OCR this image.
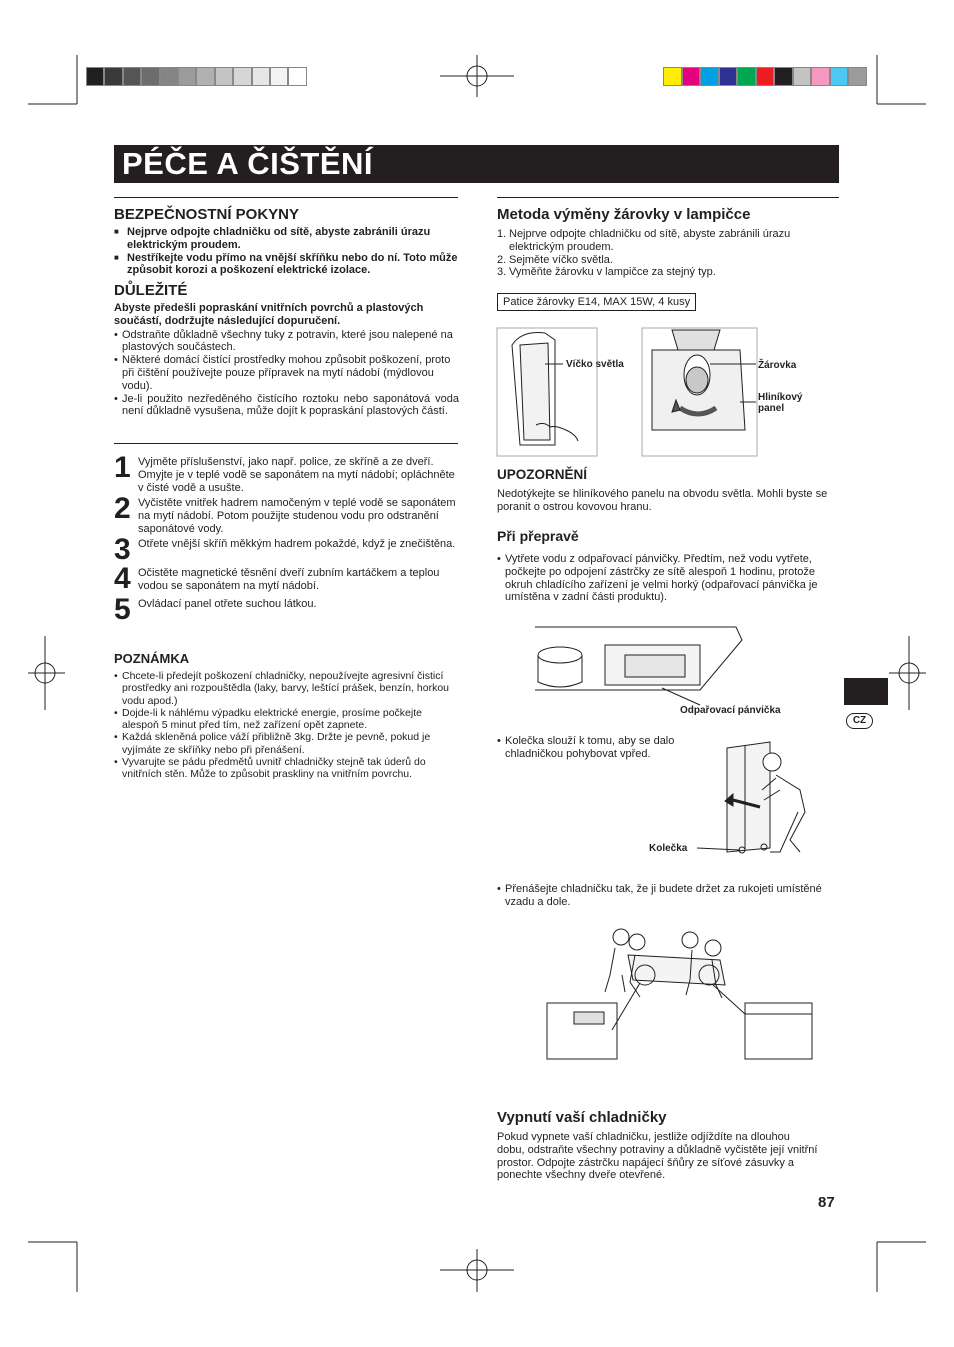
PÉČE A ČIŠTĚNÍ

BEZPEČNOSTNÍ POKYNY

■ Nejprve odpojte chladničku od sítě, abyste zabránili úrazu elektrickým proudem.
■ Nestříkejte vodu přímo na vnější skříňku nebo do ní. Toto může způsobit korozi a poškození elektrické izolace.

DŮLEŽITÉ

Abyste předešli popraskání vnitřních povrchů a plastových součástí, dodržujte následující dopuručení.

• Odstraňte důkladně všechny tuky z potravin, které jsou nalepené na plastových součástech.
• Některé domácí čistící prostředky mohou způsobit poškození, proto při čištění používejte pouze přípravek na mytí nádobí (mýdlovou vodu).
• Je-li použito nezředěného čistícího roztoku nebo saponátová voda není důkladně vysušena, může dojít k popraskání plastových částí.
1 Vyjměte příslušenství, jako např. police, ze skříně a ze dveří. Omyjte je v teplé vodě se saponátem na mytí nádobí; opláchněte v čisté vodě a usušte.
2 Vyčistěte vnitřek hadrem namočeným v teplé vodě se saponátem na mytí nádobí. Potom použijte studenou vodu pro odstranění saponátové vody.
3 Otřete vnější skříň měkkým hadrem pokaždé, když je znečištěna.
4 Očistěte magnetické těsnění dveří zubním kartáčkem a teplou vodou se saponátem na mytí nádobí.
5 Ovládací panel otřete suchou látkou.

POZNÁMKA

• Chcete-li předejít poškození chladničky, nepoužívejte agresivní čisticí prostředky ani rozpouštědla (laky, barvy, leštící prášek, benzín, horkou vodu apod.)
• Dojde-li k náhlému výpadku elektrické energie, prosíme počkejte alespoň 5 minut před tím, než zařízení opět zapnete.
• Každá skleněná police váží přibližně 3kg. Držte je pevně, pokud je vyjímáte ze skříňky nebo při přenášení.
• Vyvarujte se pádu předmětů uvnitř chladničky stejně tak úderů do vnitřních stěn. Může to způsobit praskliny na vnitřním povrchu.

Metoda výměny žárovky v lampičce

1. Nejprve odpojte chladničku od sítě, abyste zabránili úrazu elektrickým proudem.
2. Sejměte víčko světla.
3. Vyměňte žárovku v lampičce za stejný typ.
Patice žárovky E14, MAX 15W, 4 kusy
Víčko světla	Žárovka
Hliníkový
panel

UPOZORNĚNÍ

Nedotýkejte se hliníkového panelu na obvodu světla. Mohli byste se poranit o ostrou kovovou hranu.

Při přepravě

• Vytřete vodu z odpařovací pánvičky. Předtím, než vodu vytřete, počkejte po odpojení zástrčky ze sítě alespoň 1 hodinu, protože okruh chladícího zařízení je velmi horký (odpařovací pánvička je umístěna v zadní části produktu).
Odpařovací pánvička
• Kolečka slouží k tomu, aby se dalo chladničkou pohybovat vpřed.
Kolečka
• Přenášejte chladničku tak, že ji budete držet za rukojeti umístěné vzadu a dole.

Vypnutí vaší chladničky

Pokud vypnete vaší chladničku, jestliže odjíždíte na dlouhou dobu, odstraňte všechny potraviny a důkladně vyčistěte její vnitřní prostor. Odpojte zástrčku napájecí šňůry ze síťové zásuvky a ponechte všechny dveře otevřené.

CZ
87
